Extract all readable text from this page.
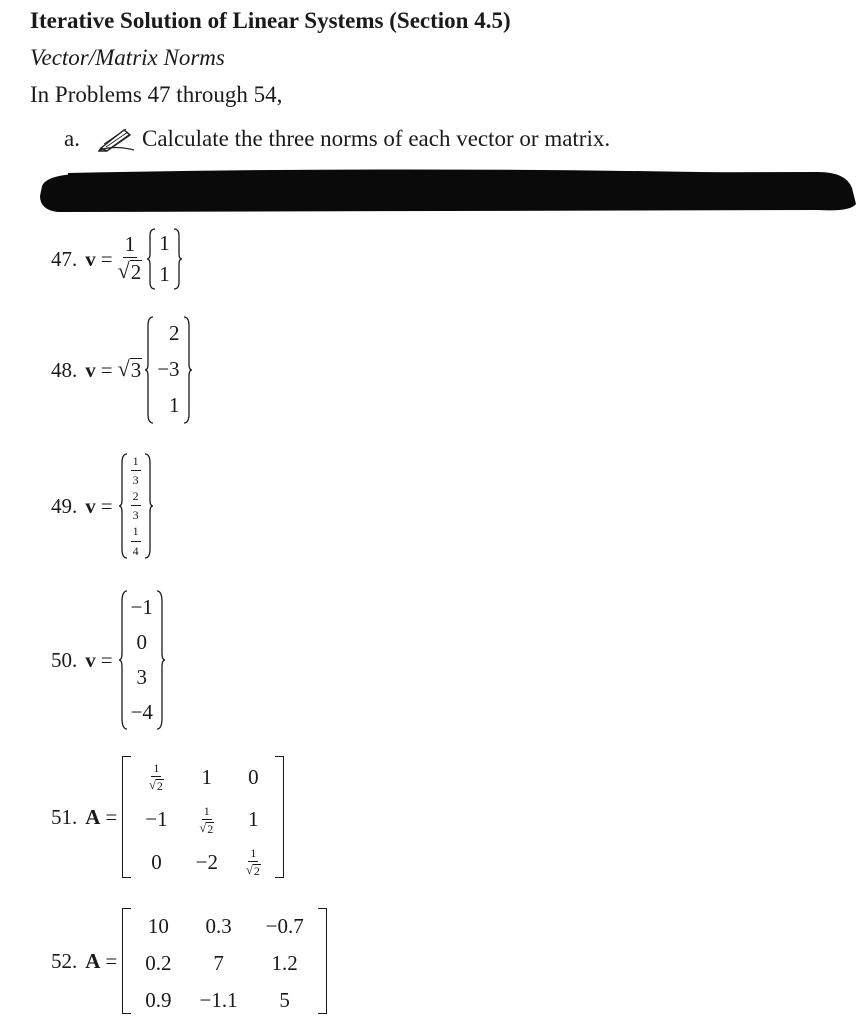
Iterative Solution of Linear Systems (Section 4.5)
Vector/Matrix Norms
In Problems 47 through 54,
a.	Calculate the three norms of each vector or matrix.
47. $v = \frac{1}{√ 2} 1$
1
48. v = √ 3
2
−3
1
49. v =
$\frac{1}{3}$
$\frac{2}{3}$
$\frac{1}{4}$
50. v =
−1
0
3
−4
51. A =
$\frac{1}{√ 2}$	1	0
−1	$\frac{1}{√ 2}$	1
0	−2	$\frac{1}{√ 2}$
52. A =
10	0.3	−0.7
0.2	7	1.2
0.9	−1.1	5
